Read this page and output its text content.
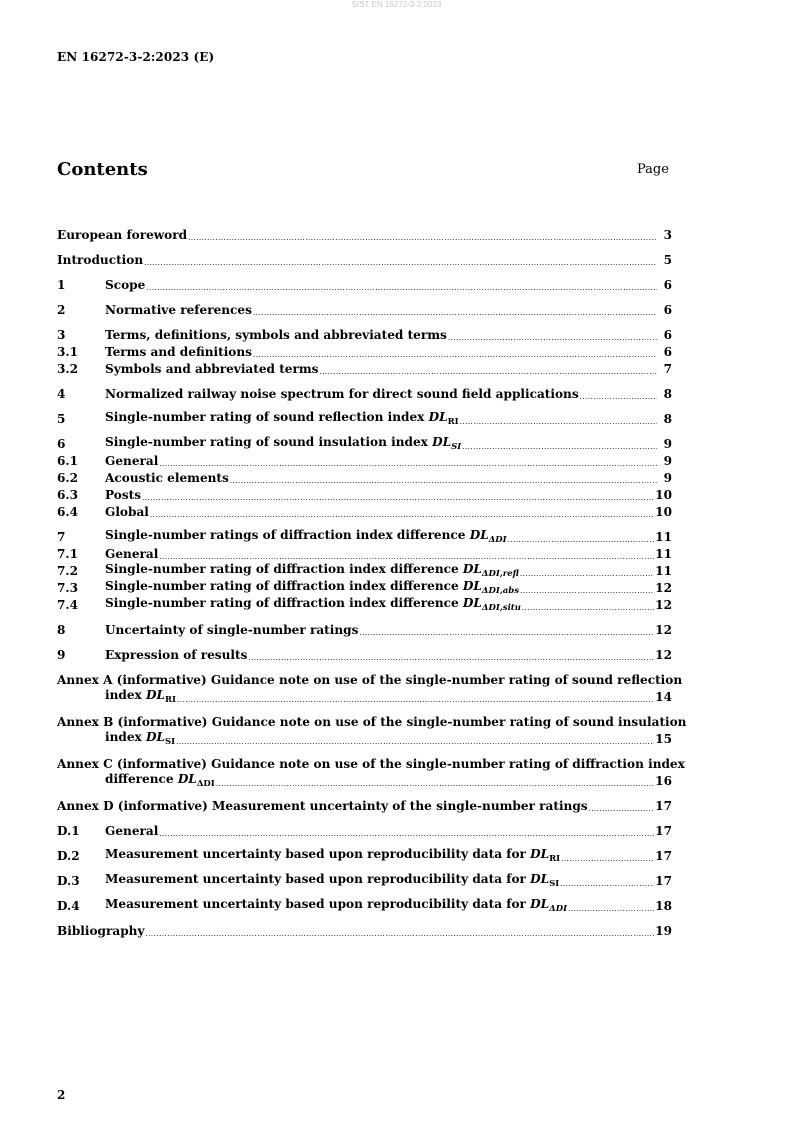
SIST EN 16272-3-2:2023
EN 16272-3-2:2023 (E)
Contents	Page
European foreword .....	3
Introduction .....	5
1	Scope .....	6
2	Normative references .....	6
3	Terms, definitions, symbols and abbreviated terms .....	6
3.1	Terms and definitions .....	6
3.2	Symbols and abbreviated terms .....	7
4	Normalized railway noise spectrum for direct sound field applications .....	8
5	Single-number rating of sound reflection index $DL_{RI}$ .....	8
6	Single-number rating of sound insulation index $DL_{SI}$ .....	9
6.1	General .....	9
6.2	Acoustic elements .....	9
6.3	Posts .....	10
6.4	Global .....	10
7	Single-number ratings of diffraction index difference $DL_{\Delta DI}$ .....	11
7.1	General .....	11
7.2	Single-number rating of diffraction index difference $DL_{\Delta DI,refl}$ .....	11
7.3	Single-number rating of diffraction index difference $DL_{\Delta DI,abs}$ .....	12
7.4	Single-number rating of diffraction index difference $DL_{\Delta DI,situ}$ .....	12
8	Uncertainty of single-number ratings .....	12
9	Expression of results .....	12
Annex A (informative) Guidance note on use of the single-number rating of sound reflection
index $DL_{RI}$ .....	14
Annex B (informative) Guidance note on use of the single-number rating of sound insulation
index $DL_{SI}$ .....	15
Annex C (informative) Guidance note on use of the single-number rating of diffraction index
difference $DL_{\Delta DI}$ .....	16
Annex D (informative) Measurement uncertainty of the single-number ratings .....	17
D.1	General .....	17
D.2	Measurement uncertainty based upon reproducibility data for $DL_{RI}$ .....	17
D.3	Measurement uncertainty based upon reproducibility data for $DL_{SI}$ .....	17
D.4	Measurement uncertainty based upon reproducibility data for $DL_{\Delta DI}$ .....	18
Bibliography .....	19
2
